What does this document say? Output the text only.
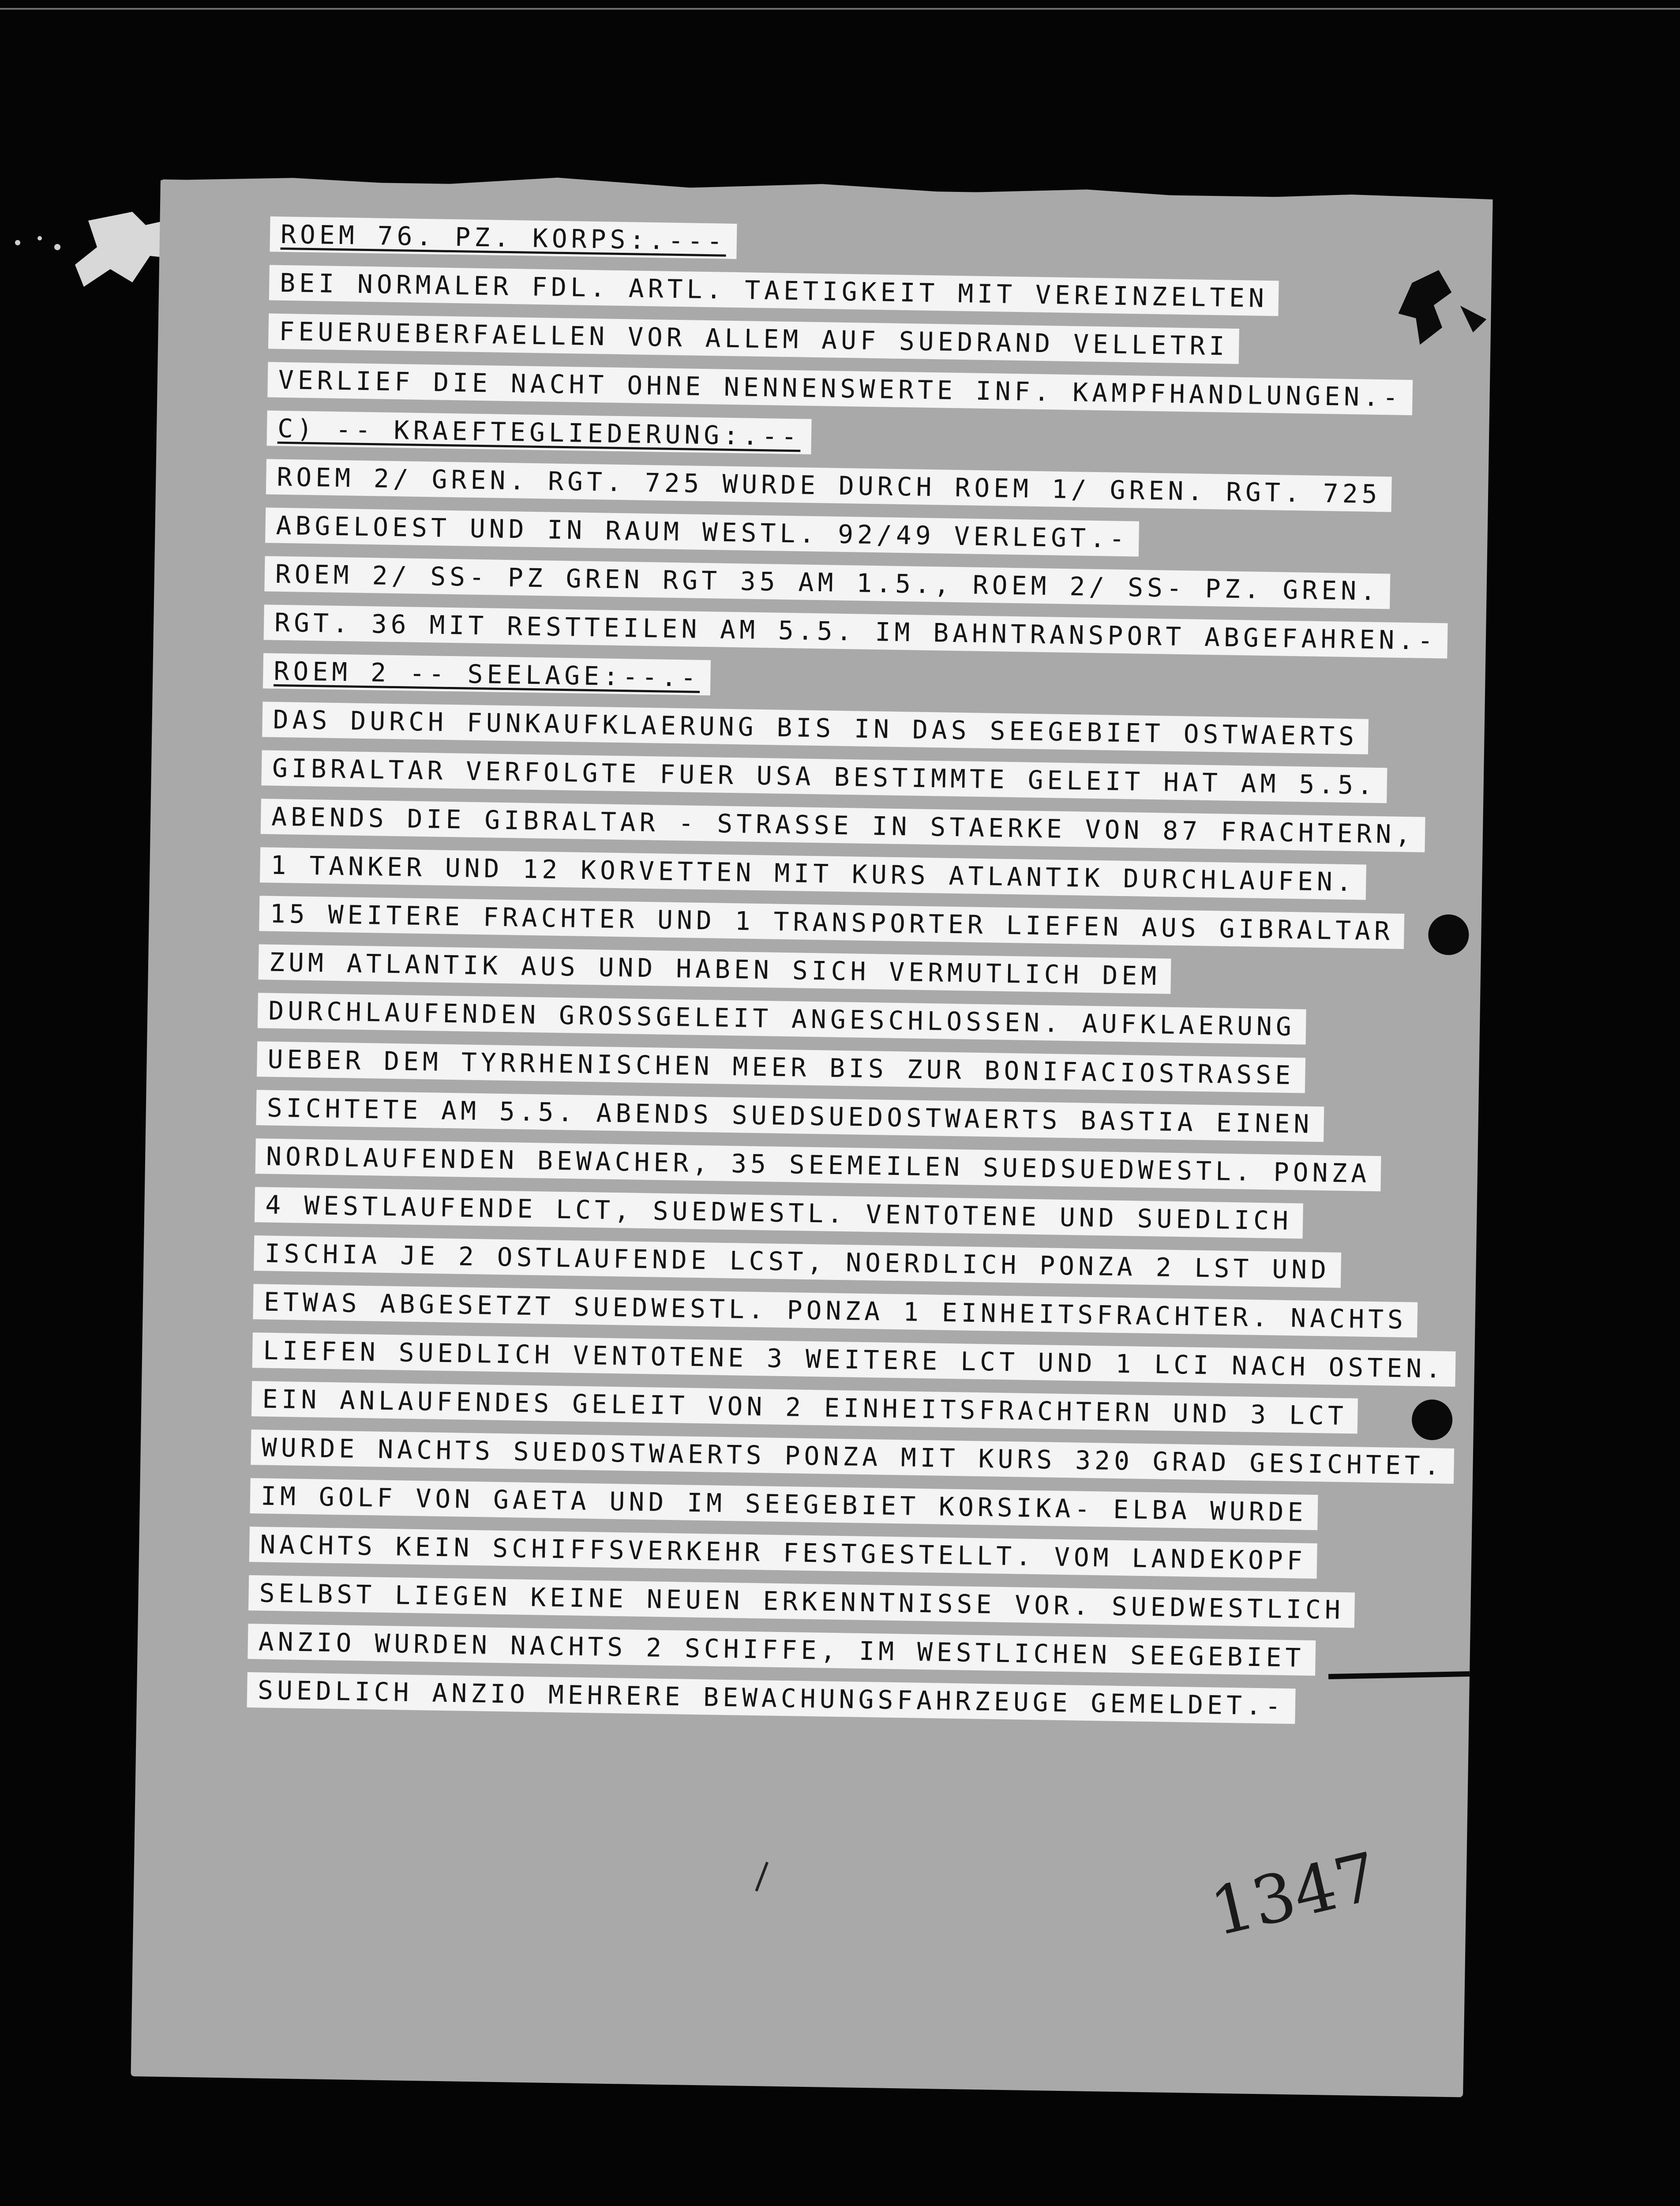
ROEM 76. PZ. KORPS:.---
BEI NORMALER FDL. ARTL. TAETIGKEIT MIT VEREINZELTEN
FEUERUEBERFAELLEN VOR ALLEM AUF SUEDRAND VELLETRI
VERLIEF DIE NACHT OHNE NENNENSWERTE INF. KAMPFHANDLUNGEN.-
C) -- KRAEFTEGLIEDERUNG:.--
ROEM 2/ GREN. RGT. 725 WURDE DURCH ROEM 1/ GREN. RGT. 725
ABGELOEST UND IN RAUM WESTL. 92/49 VERLEGT.-
ROEM 2/ SS- PZ GREN RGT 35 AM 1.5., ROEM 2/ SS- PZ. GREN.
RGT. 36 MIT RESTTEILEN AM 5.5. IM BAHNTRANSPORT ABGEFAHREN.-
ROEM 2 -- SEELAGE:--.-
DAS DURCH FUNKAUFKLAERUNG BIS IN DAS SEEGEBIET OSTWAERTS
GIBRALTAR VERFOLGTE FUER USA BESTIMMTE GELEIT HAT AM 5.5.
ABENDS DIE GIBRALTAR - STRASSE IN STAERKE VON 87 FRACHTERN,
1 TANKER UND 12 KORVETTEN MIT KURS ATLANTIK DURCHLAUFEN.
15 WEITERE FRACHTER UND 1 TRANSPORTER LIEFEN AUS GIBRALTAR
ZUM ATLANTIK AUS UND HABEN SICH VERMUTLICH DEM
DURCHLAUFENDEN GROSSGELEIT ANGESCHLOSSEN. AUFKLAERUNG
UEBER DEM TYRRHENISCHEN MEER BIS ZUR BONIFACIOSTRASSE
SICHTETE AM 5.5. ABENDS SUEDSUEDOSTWAERTS BASTIA EINEN
NORDLAUFENDEN BEWACHER, 35 SEEMEILEN SUEDSUEDWESTL. PONZA
4 WESTLAUFENDE LCT, SUEDWESTL. VENTOTENE UND SUEDLICH
ISCHIA JE 2 OSTLAUFENDE LCST, NOERDLICH PONZA 2 LST UND
ETWAS ABGESETZT SUEDWESTL. PONZA 1 EINHEITSFRACHTER. NACHTS
LIEFEN SUEDLICH VENTOTENE 3 WEITERE LCT UND 1 LCI NACH OSTEN.
EIN ANLAUFENDES GELEIT VON 2 EINHEITSFRACHTERN UND 3 LCT
WURDE NACHTS SUEDOSTWAERTS PONZA MIT KURS 320 GRAD GESICHTET.
IM GOLF VON GAETA UND IM SEEGEBIET KORSIKA- ELBA WURDE
NACHTS KEIN SCHIFFSVERKEHR FESTGESTELLT. VOM LANDEKOPF
SELBST LIEGEN KEINE NEUEN ERKENNTNISSE VOR. SUEDWESTLICH
ANZIO WURDEN NACHTS 2 SCHIFFE, IM WESTLICHEN SEEGEBIET
SUEDLICH ANZIO MEHRERE BEWACHUNGSFAHRZEUGE GEMELDET.-
1347
